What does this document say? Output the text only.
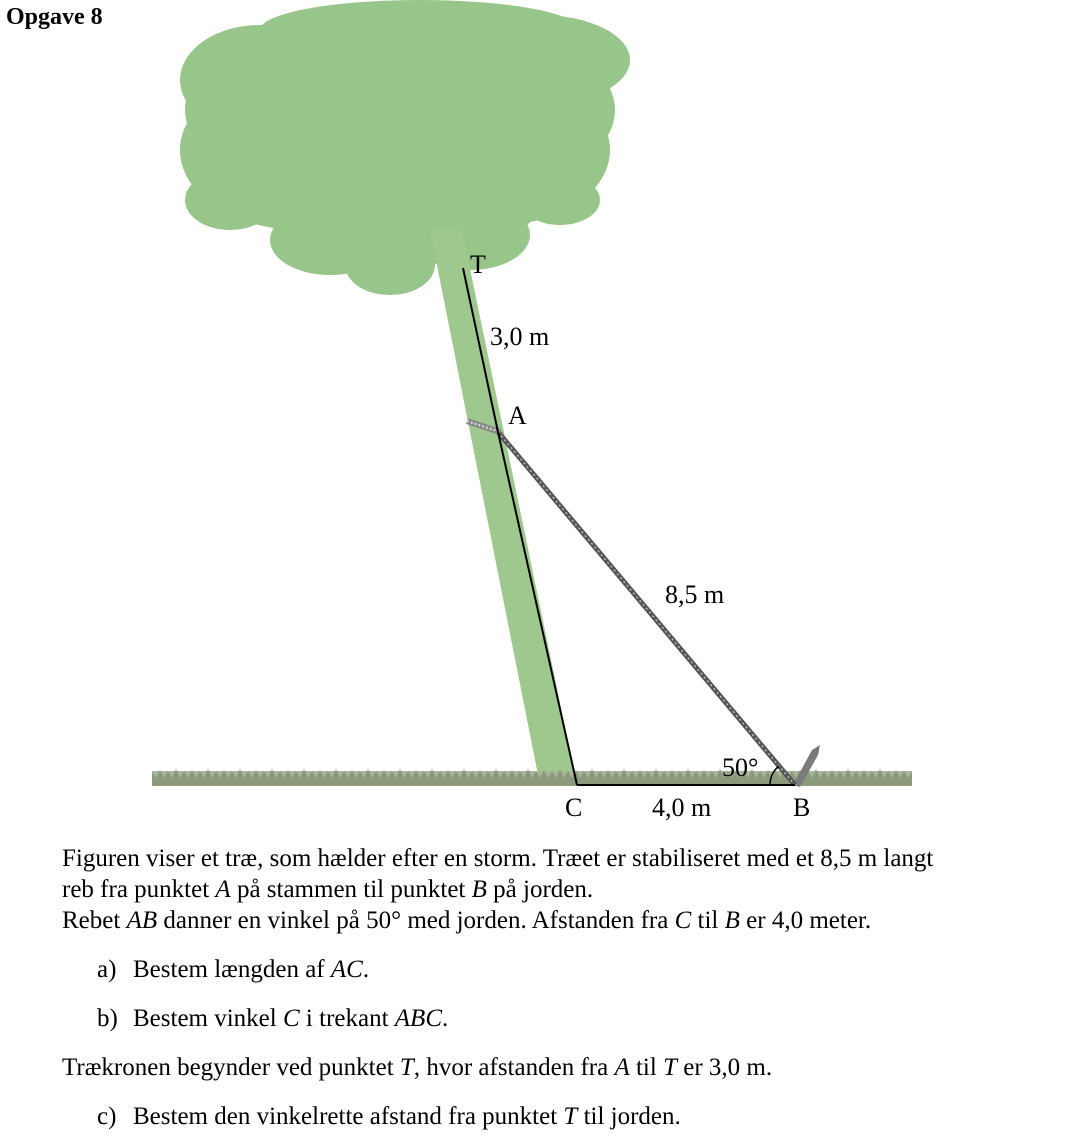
Opgave 8
T
3,0 m
A
8,5 m
50°
C	4,0 m	B

Figuren viser et træ, som hælder efter en storm. Træet er stabiliseret med et 8,5 m langt

reb fra punktet A på stammen til punktet B på jorden.

Rebet AB danner en vinkel på 50° med jorden. Afstanden fra C til B er 4,0 meter.

a) Bestem længden af AC.

b) Bestem vinkel C i trekant ABC.

Trækronen begynder ved punktet T, hvor afstanden fra A til T er 3,0 m.

c) Bestem den vinkelrette afstand fra punktet T til jorden.
